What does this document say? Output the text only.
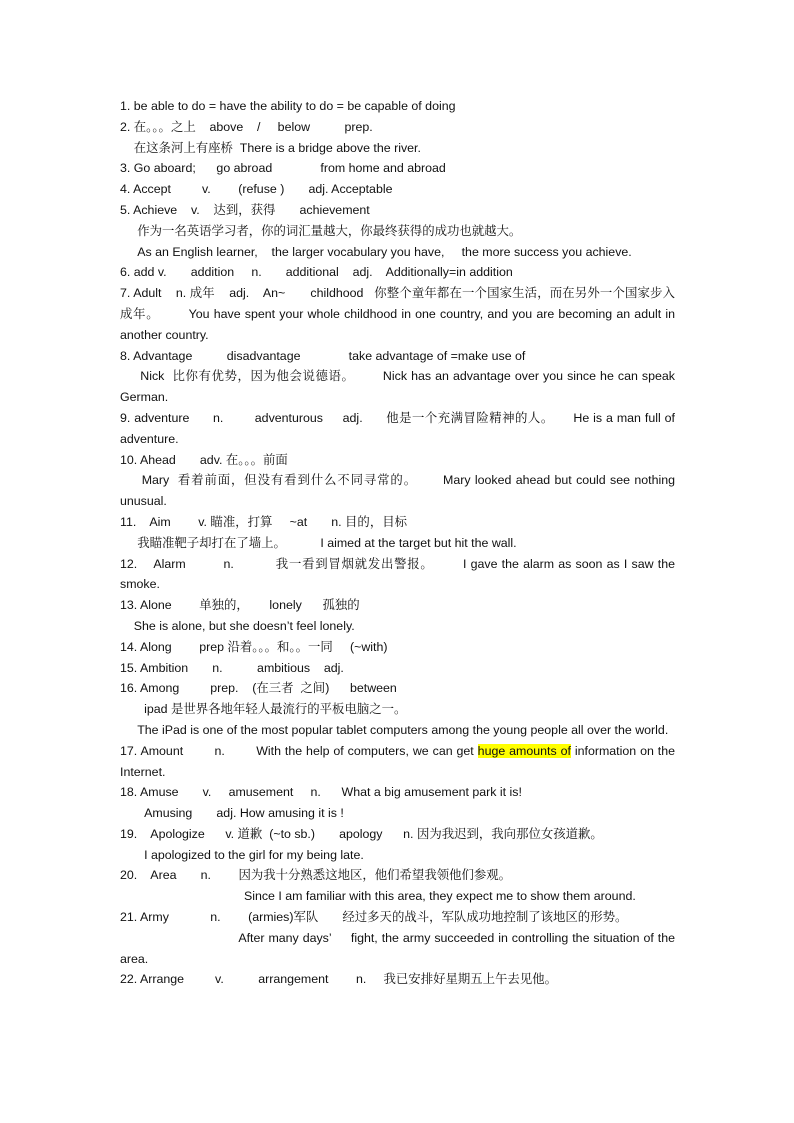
1. be able to do = have the ability to do = be capable of doing

2. 在。。。之上    above    /     below          prep.

在这条河上有座桥  There is a bridge above the river.

3. Go aboard;      go abroad              from home and abroad

4. Accept         v.        (refuse )       adj. Acceptable

5. Achieve    v.    达到，获得       achievement

作为一名英语学习者，你的词汇量越大，你最终获得的成功也就越大。

As an English learner,    the larger vocabulary you have,     the more success you achieve.

6. add v.       addition     n.       additional    adj.    Additionally=in addition

7. Adult    n. 成年    adj.    An~       childhood   你整个童年都在一个国家生活，而在另外一个国家步入成年。       You have spent your whole childhood in one country, and you are becoming an adult in another country.

8. Advantage          disadvantage              take advantage of =make use of

Nick  比你有优势，因为他会说德语。       Nick has an advantage over you since he can speak German.

9. adventure      n.        adventurous     adj.      他是一个充满冒险精神的人。     He is a man full of adventure.

10. Ahead       adv. 在。。。前面

Mary  看着前面，但没有看到什么不同寻常的。      Mary looked ahead but could see nothing unusual.

11.    Aim        v. 瞄准，打算     ~at       n. 目的，目标

我瞄准靶子却打在了墙上。          I aimed at the target but hit the wall.

12.    Alarm         n.          我一看到冒烟就发出警报。       I gave the alarm as soon as I saw the smoke.

13. Alone        单独的，      lonely      孤独的

She is alone, but she doesn’t feel lonely.

14. Along        prep 沿着。。。和。。一同     (~with)

15. Ambition       n.          ambitious    adj.

16. Among         prep.    (在三者  之间)      between

ipad 是世界各地年轻人最流行的平板电脑之一。

The iPad is one of the most popular tablet computers among the young people all over the world.

17. Amount        n.        With the help of computers, we can get huge amounts of information on the Internet.

18. Amuse       v.     amusement     n.      What a big amusement park it is!

Amusing       adj. How amusing it is !

19.    Apologize      v. 道歉  (~to sb.)       apology      n. 因为我迟到，我向那位女孩道歉。

I apologized to the girl for my being late.

20.    Area       n.        因为我十分熟悉这地区，他们希望我领他们参观。

Since I am familiar with this area, they expect me to show them around.

21. Army            n.        (armies)军队       经过多天的战斗，军队成功地控制了该地区的形势。

After many days’     fight, the army succeeded in controlling the situation of the area.

22. Arrange         v.          arrangement        n.     我已安排好星期五上午去见他。
